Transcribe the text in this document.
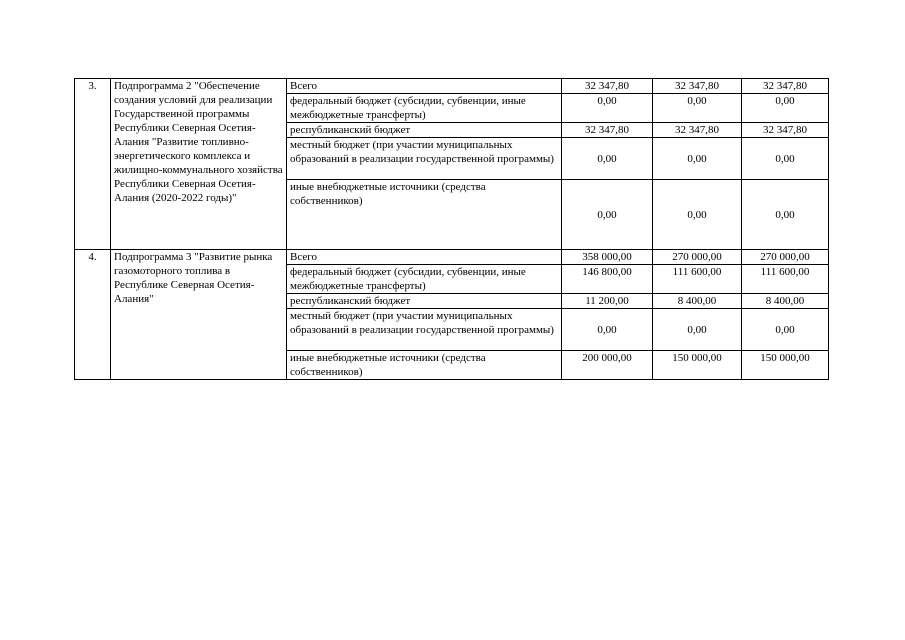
3.	Подпрограмма 2 "Обеспечение создания условий для реализации Государственной программы Республики Северная Осетия-Алания "Развитие топливно-энергетического комплекса и жилищно-коммунального хозяйства Республики Северная Осетия-Алания (2020-2022 годы)"	Всего	32 347,80	32 347,80	32 347,80
		федеральный бюджет (субсидии, субвенции, иные межбюджетные трансферты)	0,00	0,00	0,00
		республиканский бюджет	32 347,80	32 347,80	32 347,80
		местный бюджет (при участии муниципальных образований в реализации государственной программы)	0,00	0,00	0,00
		иные внебюджетные источники (средства собственников)	0,00	0,00	0,00
4.	Подпрограмма 3 "Развитие рынка газомоторного топлива в Республике Северная Осетия-Алания"	Всего	358 000,00	270 000,00	270 000,00
		федеральный бюджет (субсидии, субвенции, иные межбюджетные трансферты)	146 800,00	111 600,00	111 600,00
		республиканский бюджет	11 200,00	8 400,00	8 400,00
		местный бюджет (при участии муниципальных образований в реализации государственной программы)	0,00	0,00	0,00
		иные внебюджетные источники (средства собственников)	200 000,00	150 000,00	150 000,00
